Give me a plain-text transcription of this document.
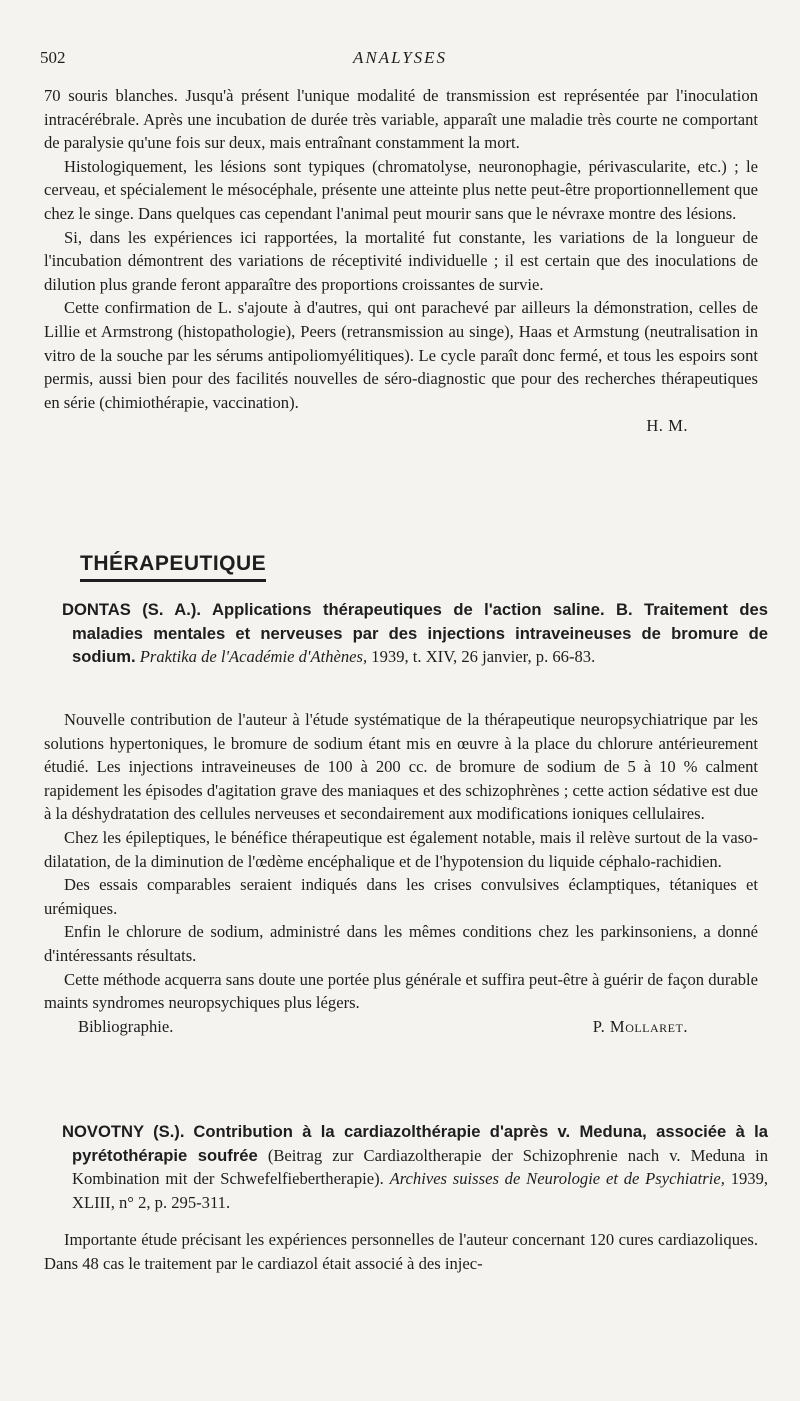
502	ANALYSES

70 souris blanches. Jusqu'à présent l'unique modalité de transmission est représentée par l'inoculation intracérébrale. Après une incubation de durée très variable, apparaît une maladie très courte ne comportant de paralysie qu'une fois sur deux, mais entraînant constamment la mort.

Histologiquement, les lésions sont typiques (chromatolyse, neuronophagie, périvascularite, etc.) ; le cerveau, et spécialement le mésocéphale, présente une atteinte plus nette peut-être proportionnellement que chez le singe. Dans quelques cas cependant l'animal peut mourir sans que le névraxe montre des lésions.

Si, dans les expériences ici rapportées, la mortalité fut constante, les variations de la longueur de l'incubation démontrent des variations de réceptivité individuelle ; il est certain que des inoculations de dilution plus grande feront apparaître des proportions croissantes de survie.

Cette confirmation de L. s'ajoute à d'autres, qui ont parachevé par ailleurs la démonstration, celles de Lillie et Armstrong (histopathologie), Peers (retransmission au singe), Haas et Armstung (neutralisation in vitro de la souche par les sérums antipoliomyélitiques). Le cycle paraît donc fermé, et tous les espoirs sont permis, aussi bien pour des facilités nouvelles de séro-diagnostic que pour des recherches thérapeutiques en série (chimiothérapie, vaccination).

H. M.
THÉRAPEUTIQUE
DONTAS (S. A.). Applications thérapeutiques de l'action saline. B. Traitement des maladies mentales et nerveuses par des injections intraveineuses de bromure de sodium. Praktika de l'Académie d'Athènes, 1939, t. XIV, 26 janvier, p. 66-83.

Nouvelle contribution de l'auteur à l'étude systématique de la thérapeutique neuropsychiatrique par les solutions hypertoniques, le bromure de sodium étant mis en œuvre à la place du chlorure antérieurement étudié. Les injections intraveineuses de 100 à 200 cc. de bromure de sodium de 5 à 10 % calment rapidement les épisodes d'agitation grave des maniaques et des schizophrènes ; cette action sédative est due à la déshydratation des cellules nerveuses et secondairement aux modifications ioniques cellulaires.

Chez les épileptiques, le bénéfice thérapeutique est également notable, mais il relève surtout de la vaso-dilatation, de la diminution de l'œdème encéphalique et de l'hypotension du liquide céphalo-rachidien.

Des essais comparables seraient indiqués dans les crises convulsives éclamptiques, tétaniques et urémiques.

Enfin le chlorure de sodium, administré dans les mêmes conditions chez les parkinsoniens, a donné d'intéressants résultats.

Cette méthode acquerra sans doute une portée plus générale et suffira peut-être à guérir de façon durable maints syndromes neuropsychiques plus légers.

Bibliographie.	P. Mollaret.
NOVOTNY (S.). Contribution à la cardiazolthérapie d'après v. Meduna, associée à la pyrétothérapie soufrée (Beitrag zur Cardiazoltherapie der Schizophrenie nach v. Meduna in Kombination mit der Schwefelfiebertherapie). Archives suisses de Neurologie et de Psychiatrie, 1939, XLIII, n° 2, p. 295-311.

Importante étude précisant les expériences personnelles de l'auteur concernant 120 cures cardiazoliques. Dans 48 cas le traitement par le cardiazol était associé à des injec-
